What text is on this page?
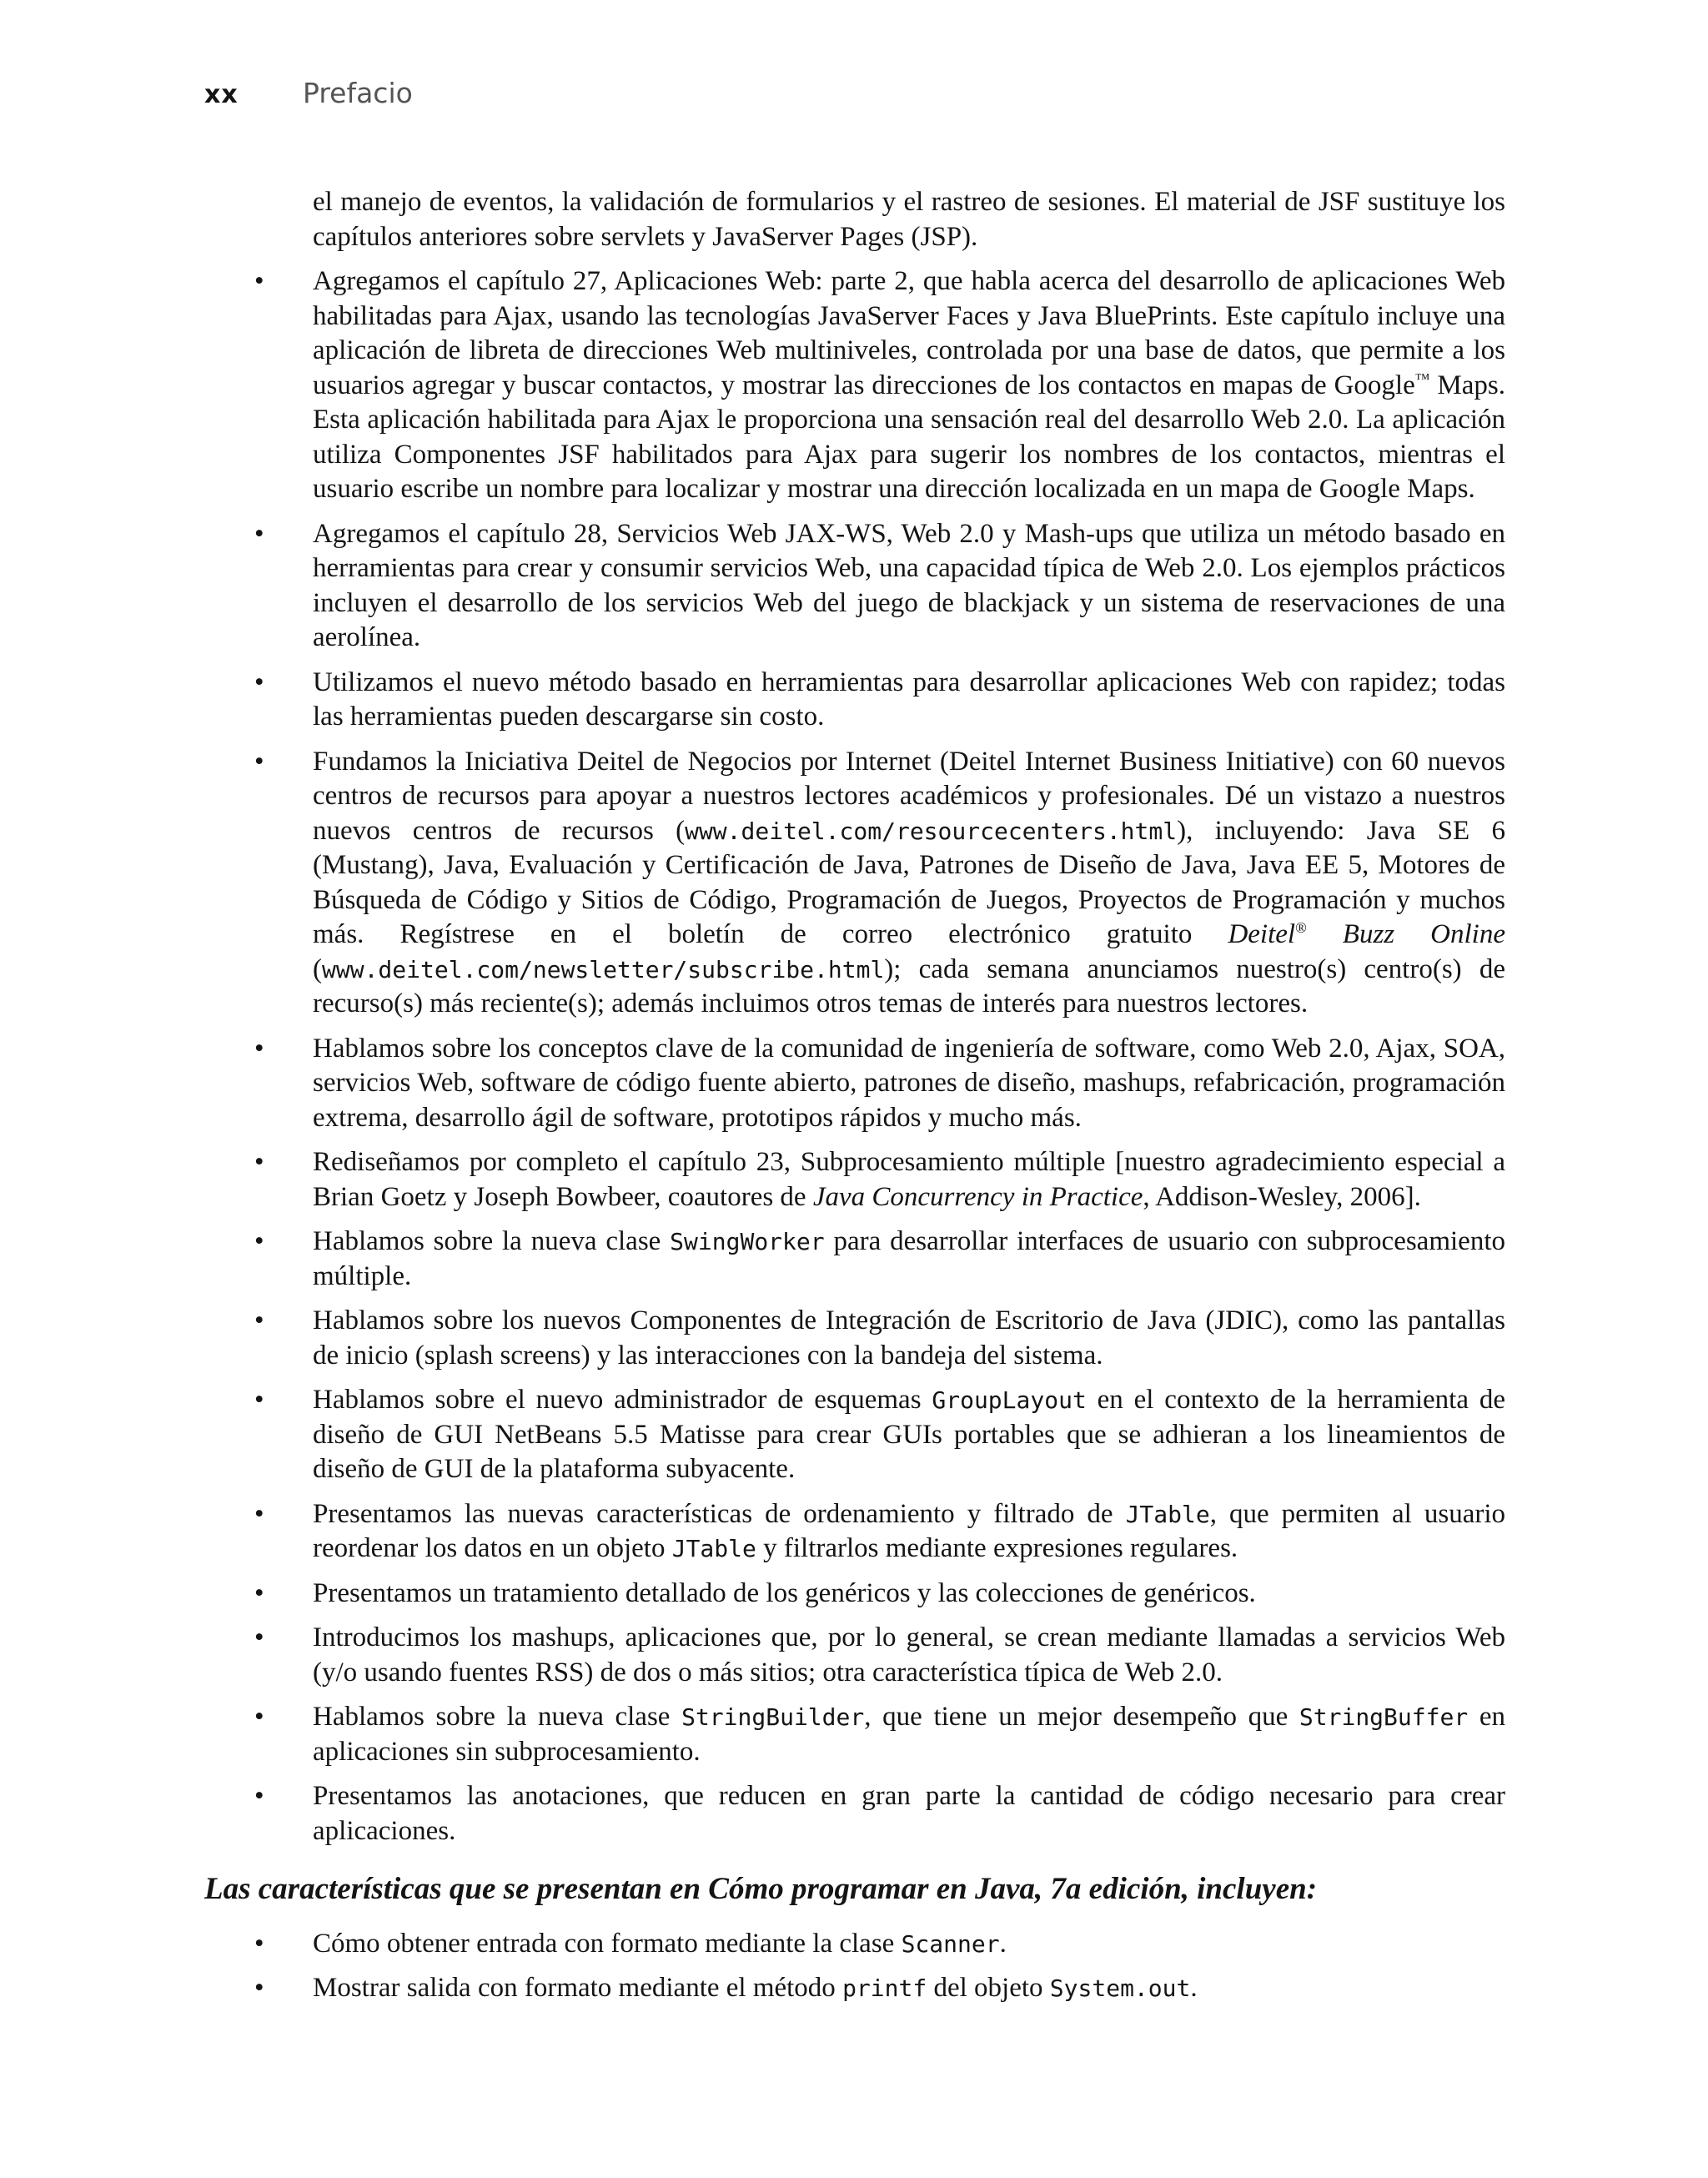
xx	Prefacio

el manejo de eventos, la validación de formularios y el rastreo de sesiones. El material de JSF sustituye los capítulos anteriores sobre servlets y JavaServer Pages (JSP).

• Agregamos el capítulo 27, Aplicaciones Web: parte 2, que habla acerca del desarrollo de aplicaciones Web habilitadas para Ajax, usando las tecnologías JavaServer Faces y Java BluePrints. Este capítulo incluye una aplicación de libreta de direcciones Web multiniveles, controlada por una base de datos, que permite a los usuarios agregar y buscar contactos, y mostrar las direcciones de los contactos en mapas de Google™ Maps. Esta aplicación habilitada para Ajax le proporciona una sensación real del desarrollo Web 2.0. La aplicación utiliza Componentes JSF habilitados para Ajax para sugerir los nombres de los contactos, mientras el usuario escribe un nombre para localizar y mostrar una dirección localizada en un mapa de Google Maps.
• Agregamos el capítulo 28, Servicios Web JAX-WS, Web 2.0 y Mash-ups que utiliza un método basado en herramientas para crear y consumir servicios Web, una capacidad típica de Web 2.0. Los ejemplos prácticos incluyen el desarrollo de los servicios Web del juego de blackjack y un sistema de reservaciones de una aerolínea.
• Utilizamos el nuevo método basado en herramientas para desarrollar aplicaciones Web con rapidez; todas las herramientas pueden descargarse sin costo.
• Fundamos la Iniciativa Deitel de Negocios por Internet (Deitel Internet Business Initiative) con 60 nuevos centros de recursos para apoyar a nuestros lectores académicos y profesionales. Dé un vistazo a nuestros nuevos centros de recursos (www.deitel.com/resourcecenters.html), incluyendo: Java SE 6 (Mustang), Java, Evaluación y Certificación de Java, Patrones de Diseño de Java, Java EE 5, Motores de Búsqueda de Código y Sitios de Código, Programación de Juegos, Proyectos de Programación y muchos más. Regístrese en el boletín de correo electrónico gratuito Deitel® Buzz Online (www.deitel.com/newsletter/subscribe.html); cada semana anunciamos nuestro(s) centro(s) de recurso(s) más reciente(s); además incluimos otros temas de interés para nuestros lectores.
• Hablamos sobre los conceptos clave de la comunidad de ingeniería de software, como Web 2.0, Ajax, SOA, servicios Web, software de código fuente abierto, patrones de diseño, mashups, refabricación, programación extrema, desarrollo ágil de software, prototipos rápidos y mucho más.
• Rediseñamos por completo el capítulo 23, Subprocesamiento múltiple [nuestro agradecimiento especial a Brian Goetz y Joseph Bowbeer, coautores de Java Concurrency in Practice, Addison-Wesley, 2006].
• Hablamos sobre la nueva clase SwingWorker para desarrollar interfaces de usuario con subprocesamiento múltiple.
• Hablamos sobre los nuevos Componentes de Integración de Escritorio de Java (JDIC), como las pantallas de inicio (splash screens) y las interacciones con la bandeja del sistema.
• Hablamos sobre el nuevo administrador de esquemas GroupLayout en el contexto de la herramienta de diseño de GUI NetBeans 5.5 Matisse para crear GUIs portables que se adhieran a los lineamientos de diseño de GUI de la plataforma subyacente.
• Presentamos las nuevas características de ordenamiento y filtrado de JTable, que permiten al usuario reordenar los datos en un objeto JTable y filtrarlos mediante expresiones regulares.
• Presentamos un tratamiento detallado de los genéricos y las colecciones de genéricos.
• Introducimos los mashups, aplicaciones que, por lo general, se crean mediante llamadas a servicios Web (y/o usando fuentes RSS) de dos o más sitios; otra característica típica de Web 2.0.
• Hablamos sobre la nueva clase StringBuilder, que tiene un mejor desempeño que StringBuffer en aplicaciones sin subprocesamiento.
• Presentamos las anotaciones, que reducen en gran parte la cantidad de código necesario para crear aplicaciones.
Las características que se presentan en Cómo programar en Java, 7a edición, incluyen:
• Cómo obtener entrada con formato mediante la clase Scanner.
• Mostrar salida con formato mediante el método printf del objeto System.out.
